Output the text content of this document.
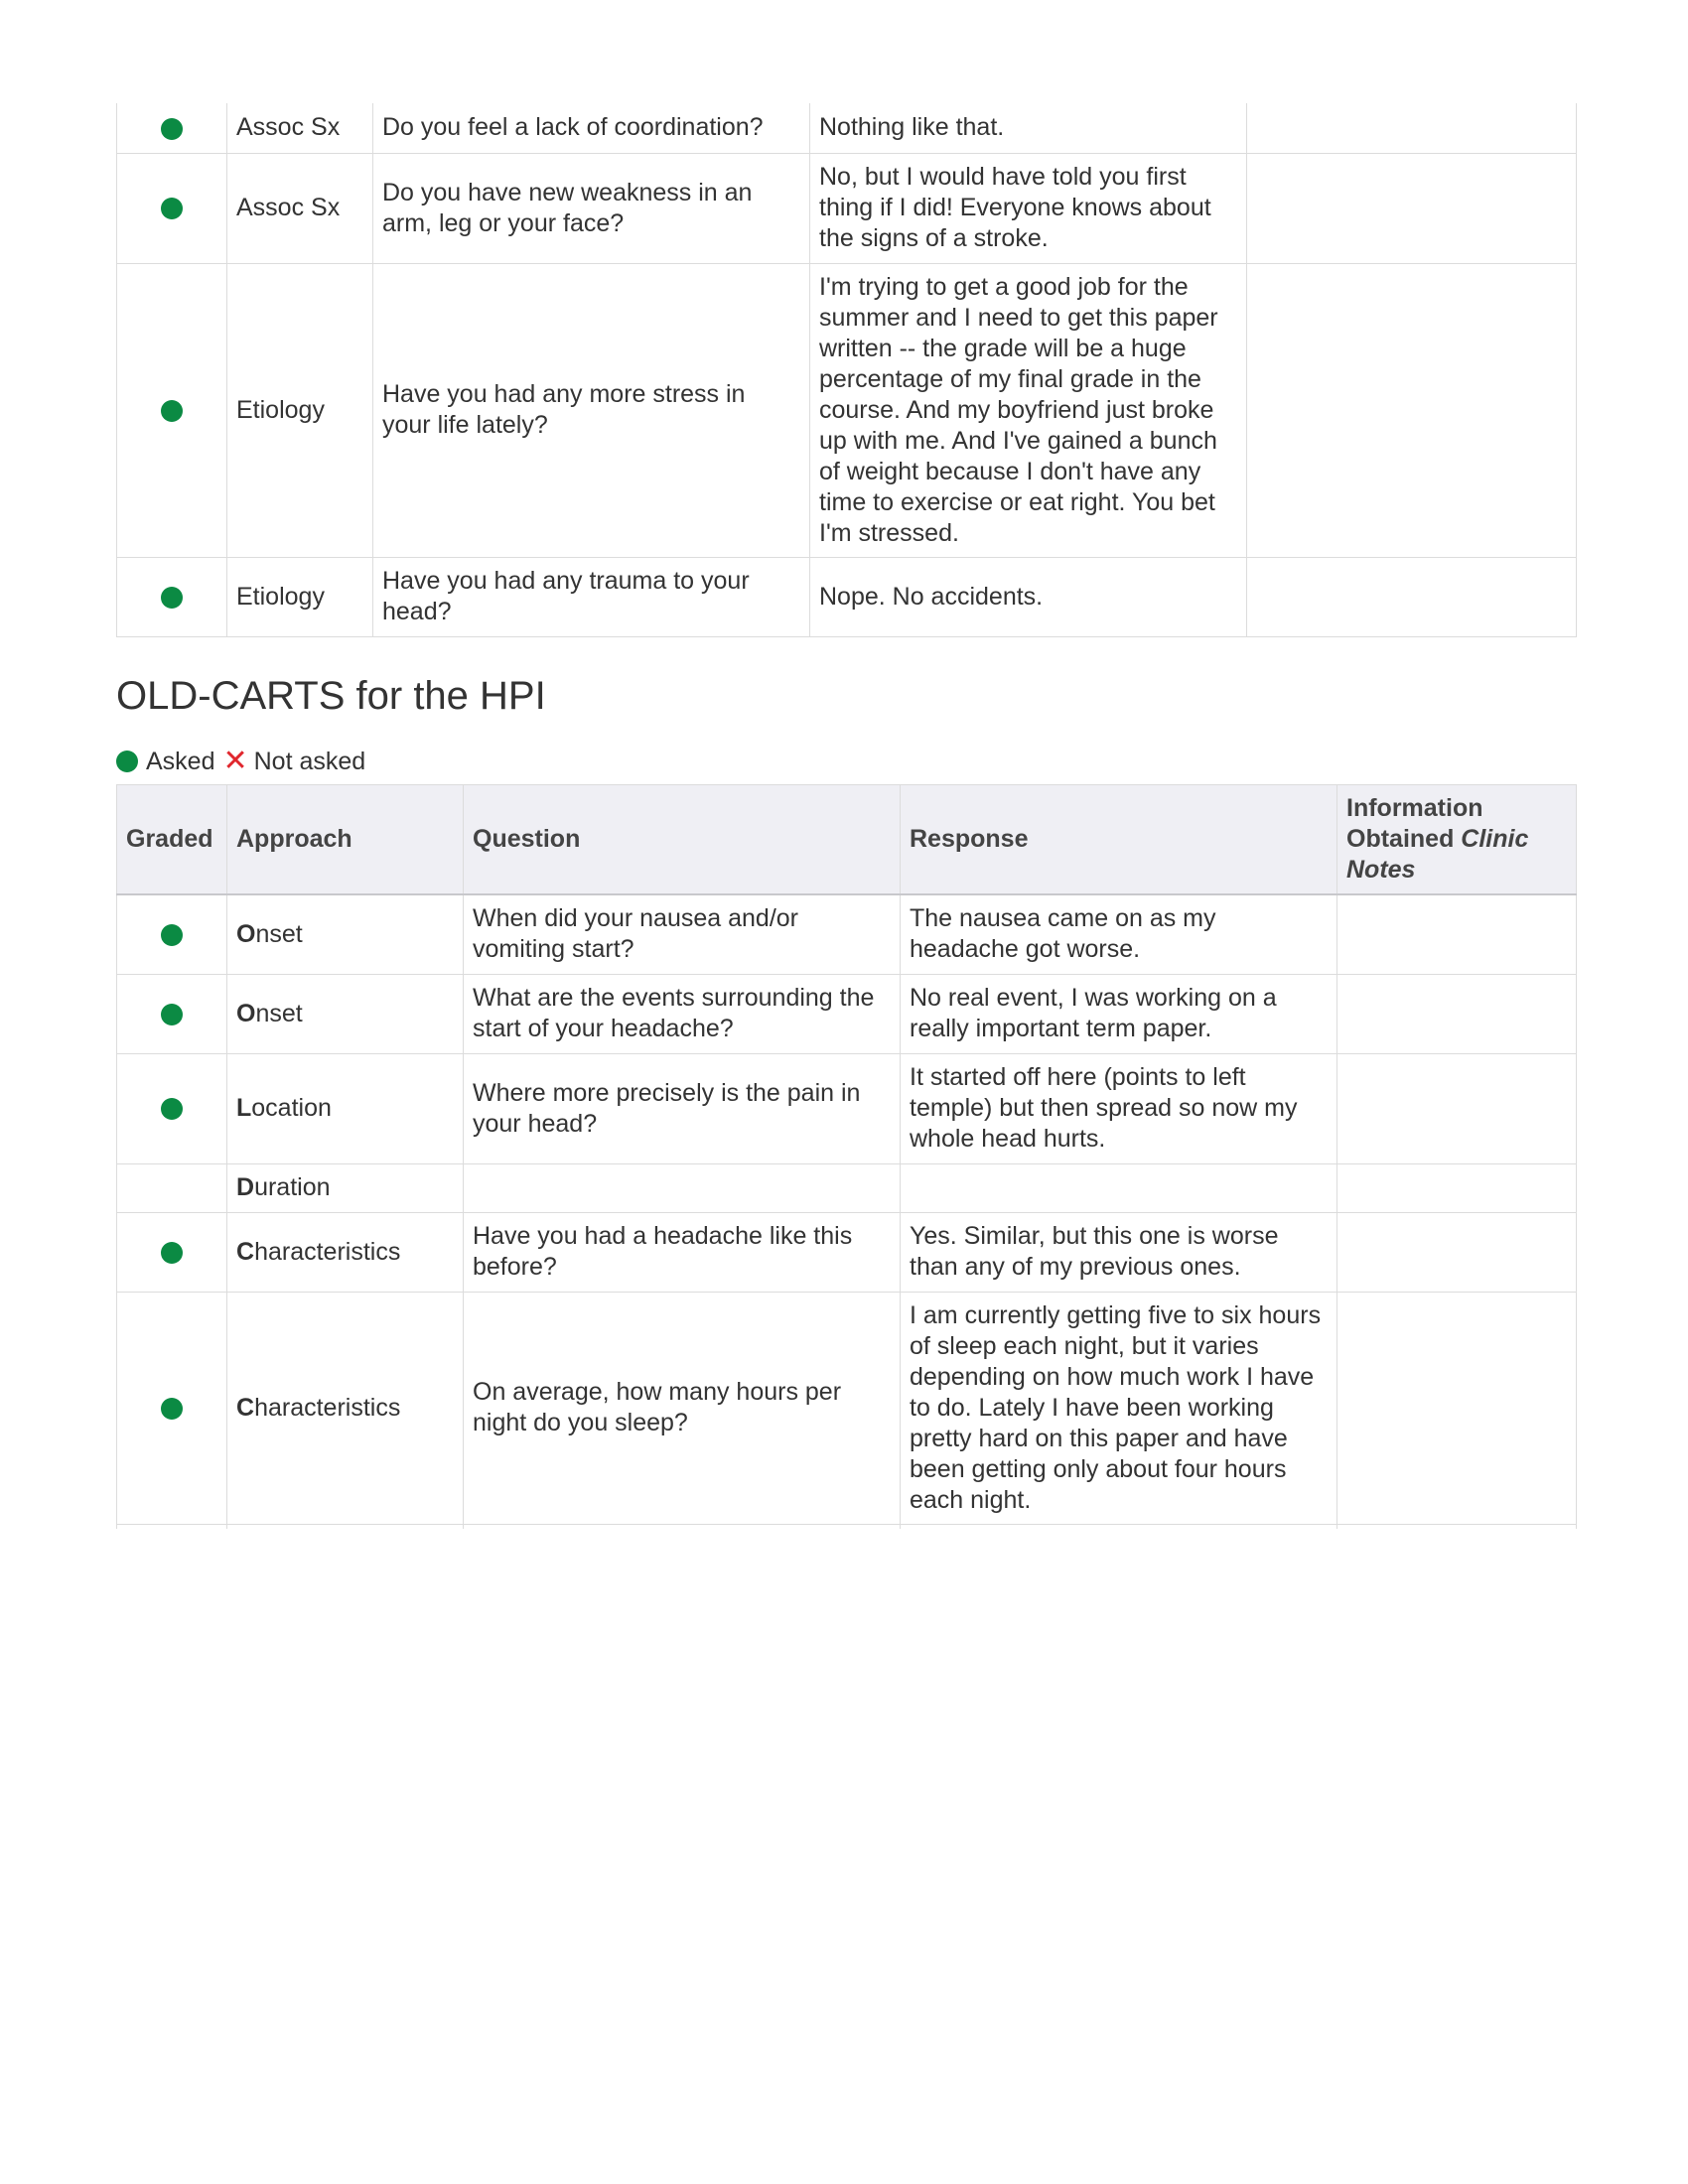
	Assoc Sx	Do you feel a lack of coordination?	Nothing like that.	
	Assoc Sx	Do you have new weakness in an arm, leg or your face?	No, but I would have told you first thing if I did! Everyone knows about the signs of a stroke.	
	Etiology	Have you had any more stress in your life lately?	I'm trying to get a good job for the summer and I need to get this paper written -- the grade will be a huge percentage of my final grade in the course. And my boyfriend just broke up with me. And I've gained a bunch of weight because I don't have any time to exercise or eat right. You bet I'm stressed.	
	Etiology	Have you had any trauma to your head?	Nope. No accidents.	
OLD-CARTS for the HPI
Asked ✕ Not asked
Graded	Approach	Question	Response	Information Obtained Clinic Notes
	Onset	When did your nausea and/or vomiting start?	The nausea came on as my headache got worse.	
	Onset	What are the events surrounding the start of your headache?	No real event, I was working on a really important term paper.	
	Location	Where more precisely is the pain in your head?	It started off here (points to left temple) but then spread so now my whole head hurts.	
	Duration			
	Characteristics	Have you had a headache like this before?	Yes. Similar, but this one is worse than any of my previous ones.	
	Characteristics	On average, how many hours per night do you sleep?	I am currently getting five to six hours of sleep each night, but it varies depending on how much work I have to do. Lately I have been working pretty hard on this paper and have been getting only about four hours each night.	
